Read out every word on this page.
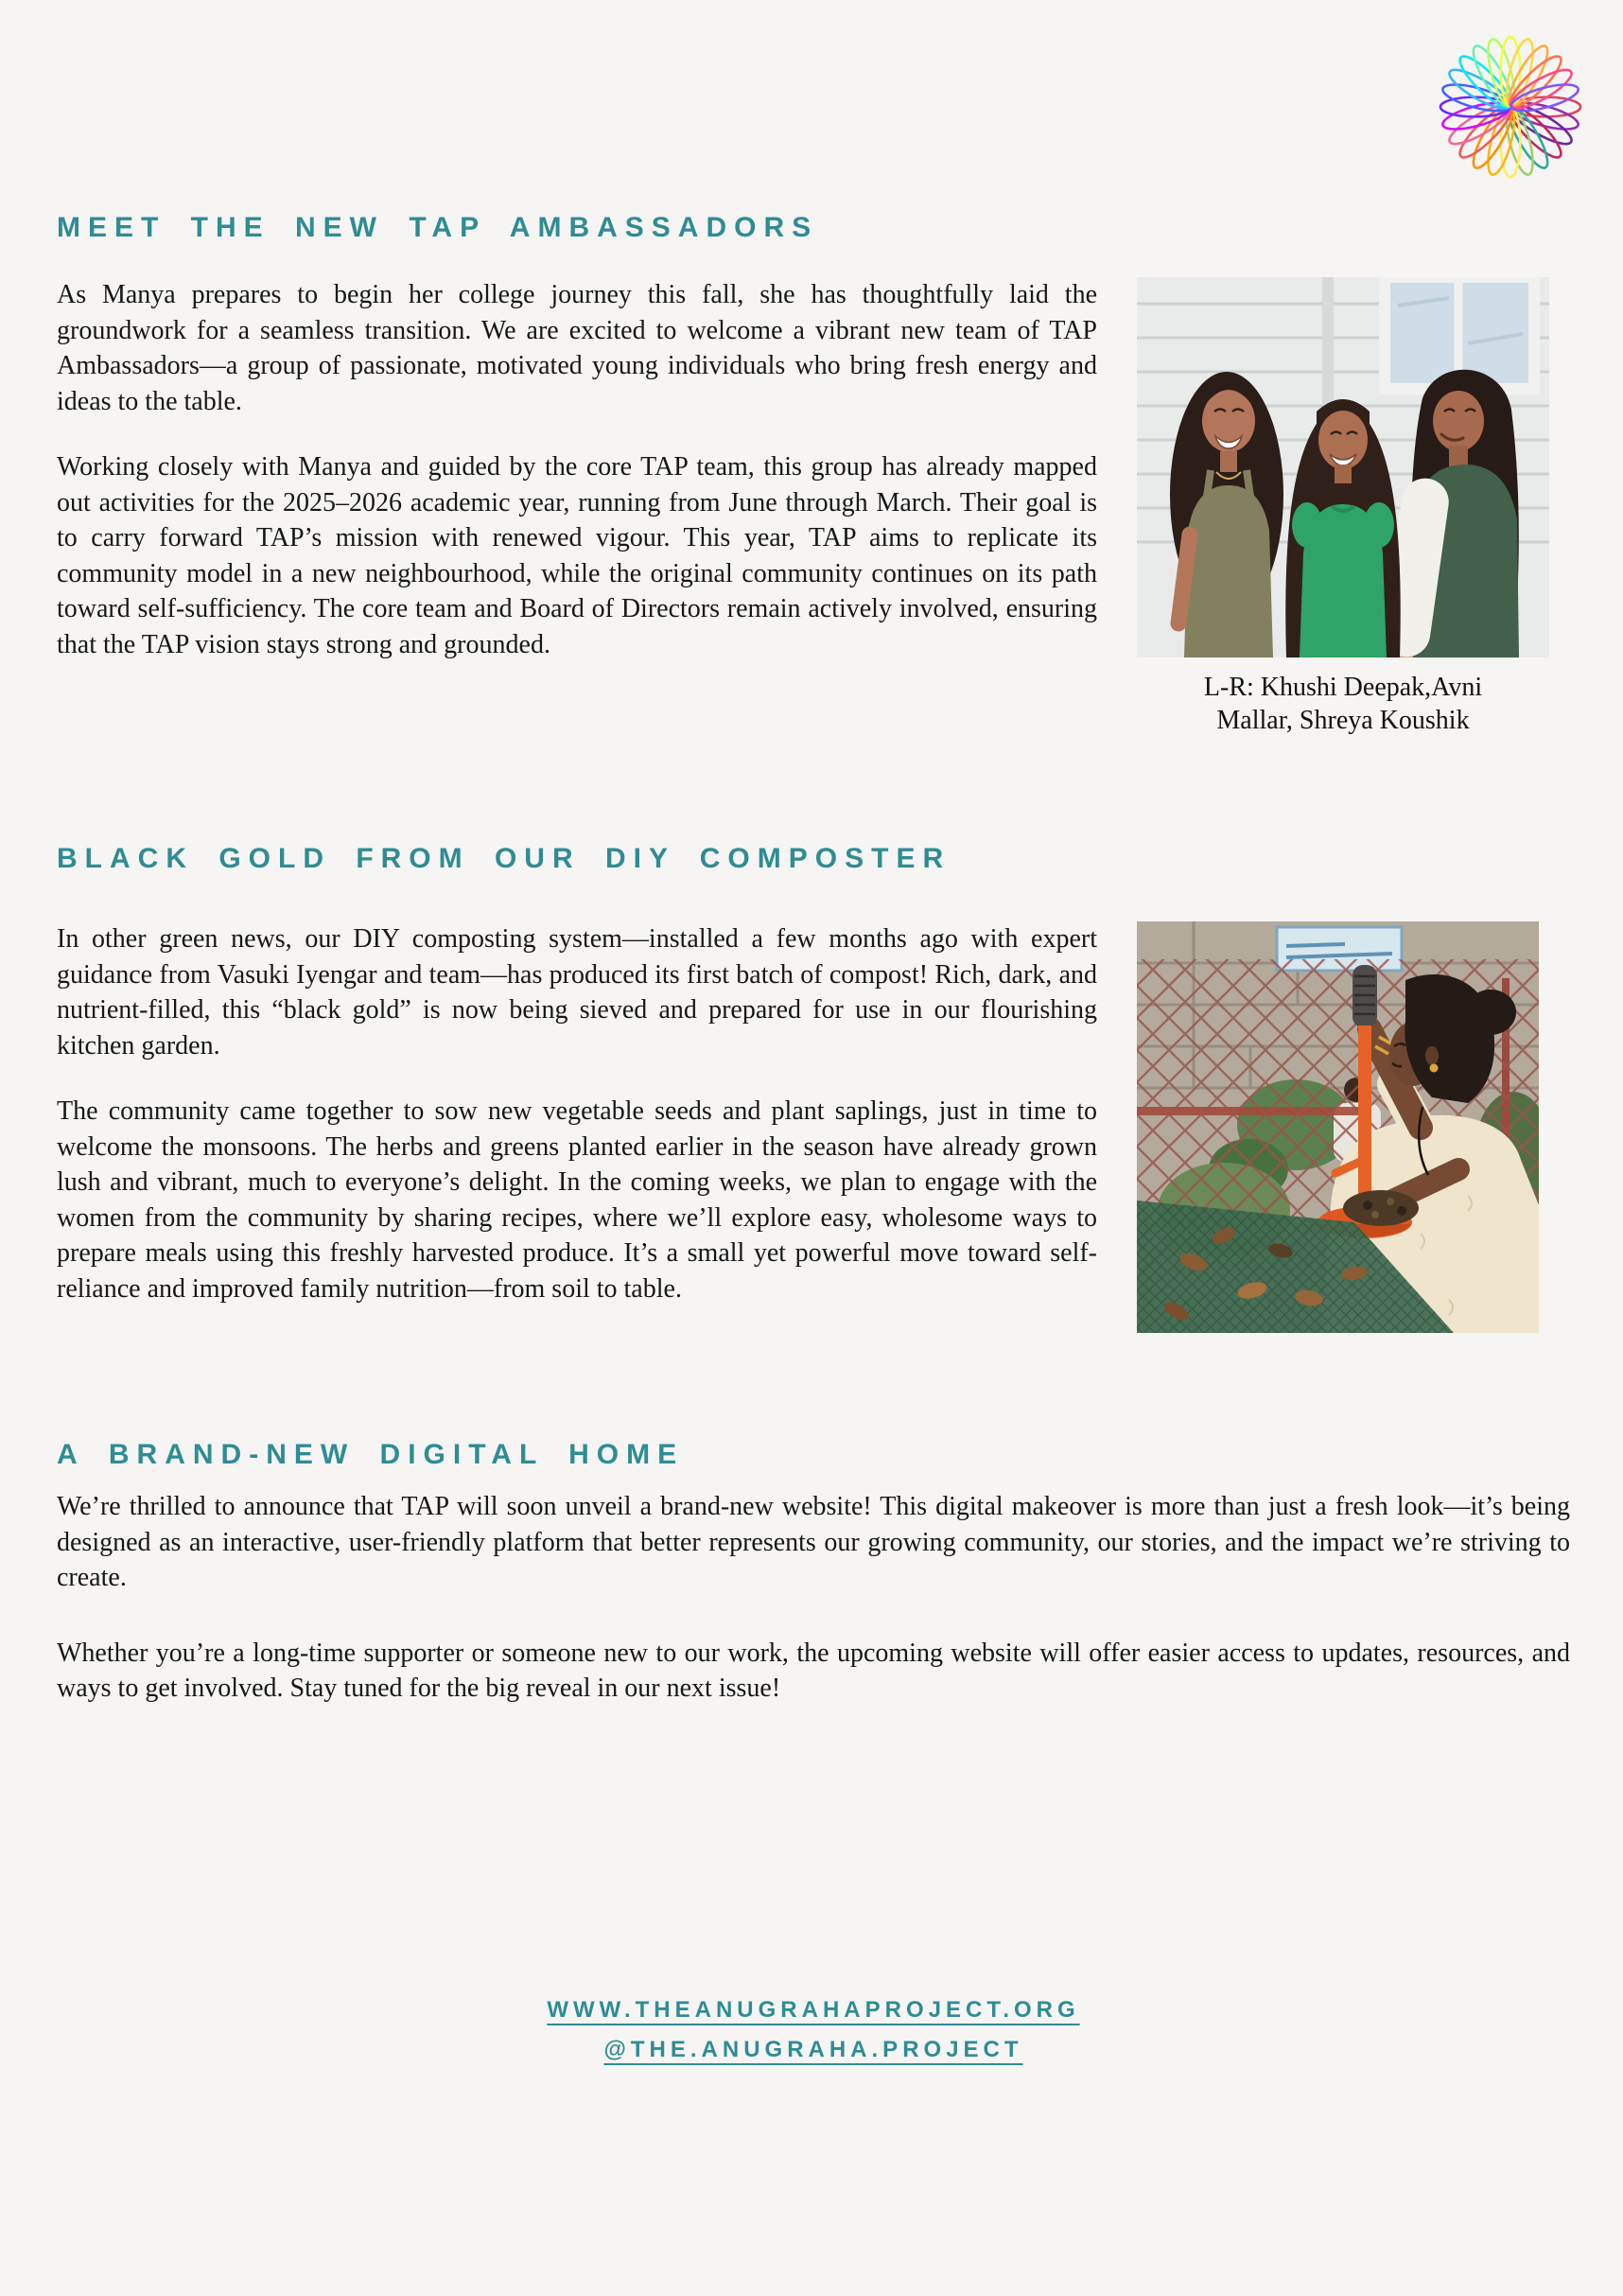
MEET THE NEW TAP AMBASSADORS

As Manya prepares to begin her college journey this fall, she has thoughtfully laid the groundwork for a seamless transition. We are excited to welcome a vibrant new team of TAP Ambassadors—a group of passionate, motivated young individuals who bring fresh energy and ideas to the table.

Working closely with Manya and guided by the core TAP team, this group has already mapped out activities for the 2025–2026 academic year, running from June through March. Their goal is to carry forward TAP’s mission with renewed vigour. This year, TAP aims to replicate its community model in a new neighbourhood, while the original community continues on its path toward self-sufficiency. The core team and Board of Directors remain actively involved, ensuring that the TAP vision stays strong and grounded.

L-R: Khushi Deepak,Avni Mallar, Shreya Koushik
BLACK GOLD FROM OUR DIY COMPOSTER

In other green news, our DIY composting system—installed a few months ago with expert guidance from Vasuki Iyengar and team—has produced its first batch of compost! Rich, dark, and nutrient-filled, this “black gold” is now being sieved and prepared for use in our flourishing kitchen garden.

The community came together to sow new vegetable seeds and plant saplings, just in time to welcome the monsoons. The herbs and greens planted earlier in the season have already grown lush and vibrant, much to everyone’s delight. In the coming weeks, we plan to engage with the women from the community by sharing recipes, where we’ll explore easy, wholesome ways to prepare meals using this freshly harvested produce. It’s a small yet powerful move toward self-reliance and improved family nutrition—from soil to table.

A BRAND-NEW DIGITAL HOME

We’re thrilled to announce that TAP will soon unveil a brand-new website! This digital makeover is more than just a fresh look—it’s being designed as an interactive, user-friendly platform that better represents our growing community, our stories, and the impact we’re striving to create.

Whether you’re a long-time supporter or someone new to our work, the upcoming website will offer easier access to updates, resources, and ways to get involved. Stay tuned for the big reveal in our next issue!

WWW.THEANUGRAHAPROJECT.ORG
@THE.ANUGRAHA.PROJECT
